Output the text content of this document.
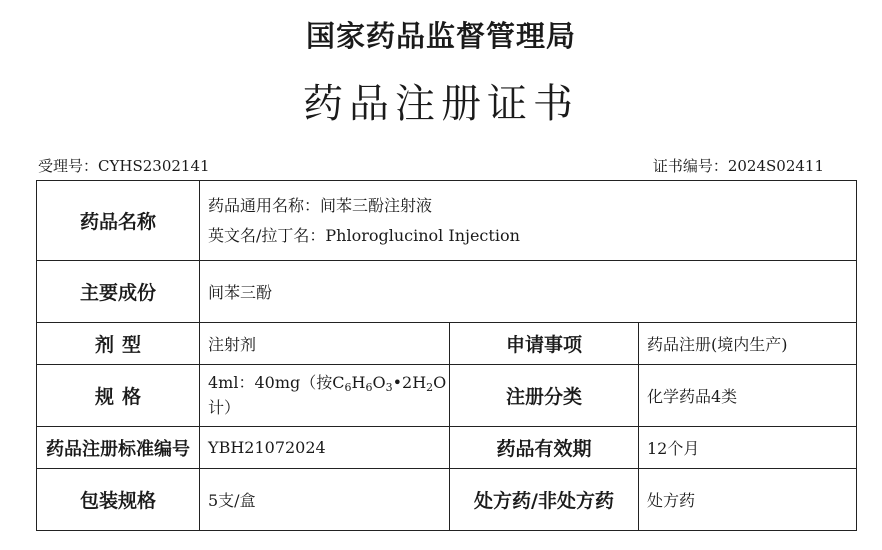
国家药品监督管理局
药品注册证书
受理号：CYHS2302141	证书编号：2024S02411
药品名称	药品通用名称：间苯三酚注射液
英文名/拉丁名：Phloroglucinol Injection		

主要成份	间苯三酚		

剂 型	注射剂	申请事项	药品注册(境内生产)

规 格	4ml：40mg（按$C_6H_6O_3•2H_2O$
计）	注册分类	化学药品4类
药品注册标准编号	YBH21072024	药品有效期	12个月
包装规格	5支/盒	处方药/非处方药	处方药
